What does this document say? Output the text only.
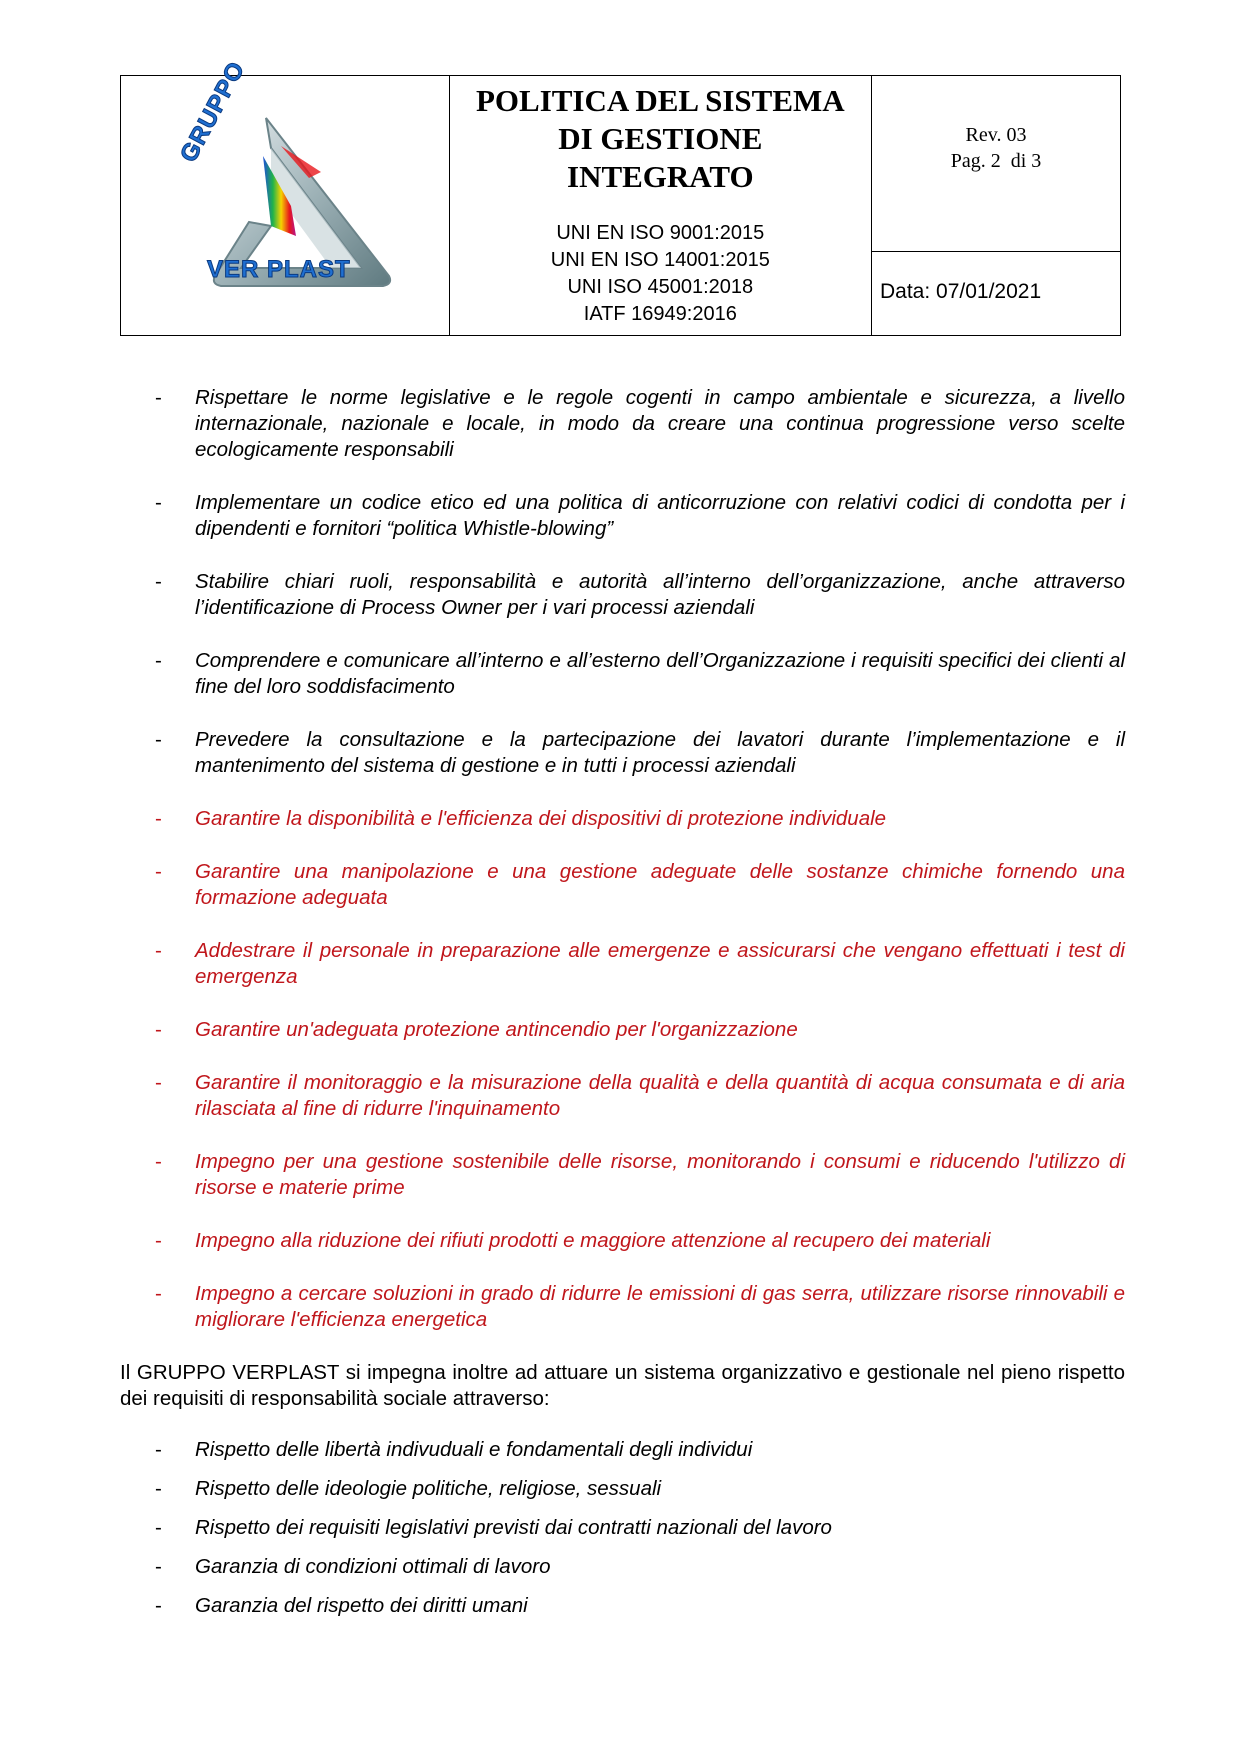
GRUPPO
VER PLAST

POLITICA DEL SISTEMA
DI GESTIONE
INTEGRATO
UNI EN ISO 9001:2015
UNI EN ISO 14001:2015
UNI ISO 45001:2018
IATF 16949:2016

Rev. 03
Pag. 2  di 3
Data: 07/01/2021

-	Rispettare le norme legislative e le regole cogenti in campo ambientale e sicurezza, a livello internazionale, nazionale e locale, in modo da creare una continua progressione verso scelte ecologicamente responsabili
-	Implementare un codice etico ed una politica di anticorruzione con relativi codici di condotta per i dipendenti e fornitori “politica Whistle-blowing”
-	Stabilire chiari ruoli, responsabilità e autorità all’interno dell’organizzazione, anche attraverso l’identificazione di Process Owner per i vari processi aziendali
-	Comprendere e comunicare all’interno e all’esterno dell’Organizzazione i requisiti specifici dei clienti al fine del loro soddisfacimento
-	Prevedere la consultazione e la partecipazione dei lavatori durante l’implementazione e il mantenimento del sistema di gestione e in tutti i processi aziendali
-	Garantire la disponibilità e l'efficienza dei dispositivi di protezione individuale
-	Garantire una manipolazione e una gestione adeguate delle sostanze chimiche fornendo una formazione adeguata
-	Addestrare il personale in preparazione alle emergenze e assicurarsi che vengano effettuati i test di emergenza
-	Garantire un'adeguata protezione antincendio per l'organizzazione
-	Garantire il monitoraggio e la misurazione della qualità e della quantità di acqua consumata e di aria rilasciata al fine di ridurre l'inquinamento
-	Impegno per una gestione sostenibile delle risorse, monitorando i consumi e riducendo l'utilizzo di risorse e materie prime
-	Impegno alla riduzione dei rifiuti prodotti e maggiore attenzione al recupero dei materiali
-	Impegno a cercare soluzioni in grado di ridurre le emissioni di gas serra, utilizzare risorse rinnovabili e migliorare l'efficienza energetica

Il GRUPPO VERPLAST si impegna inoltre ad attuare un sistema organizzativo e gestionale nel pieno rispetto dei requisiti di responsabilità sociale attraverso:

-	Rispetto delle libertà indivuduali e fondamentali degli individui
-	Rispetto delle ideologie politiche, religiose, sessuali
-	Rispetto dei requisiti legislativi previsti dai contratti nazionali del lavoro
-	Garanzia di condizioni ottimali di lavoro
-	Garanzia del rispetto dei diritti umani
